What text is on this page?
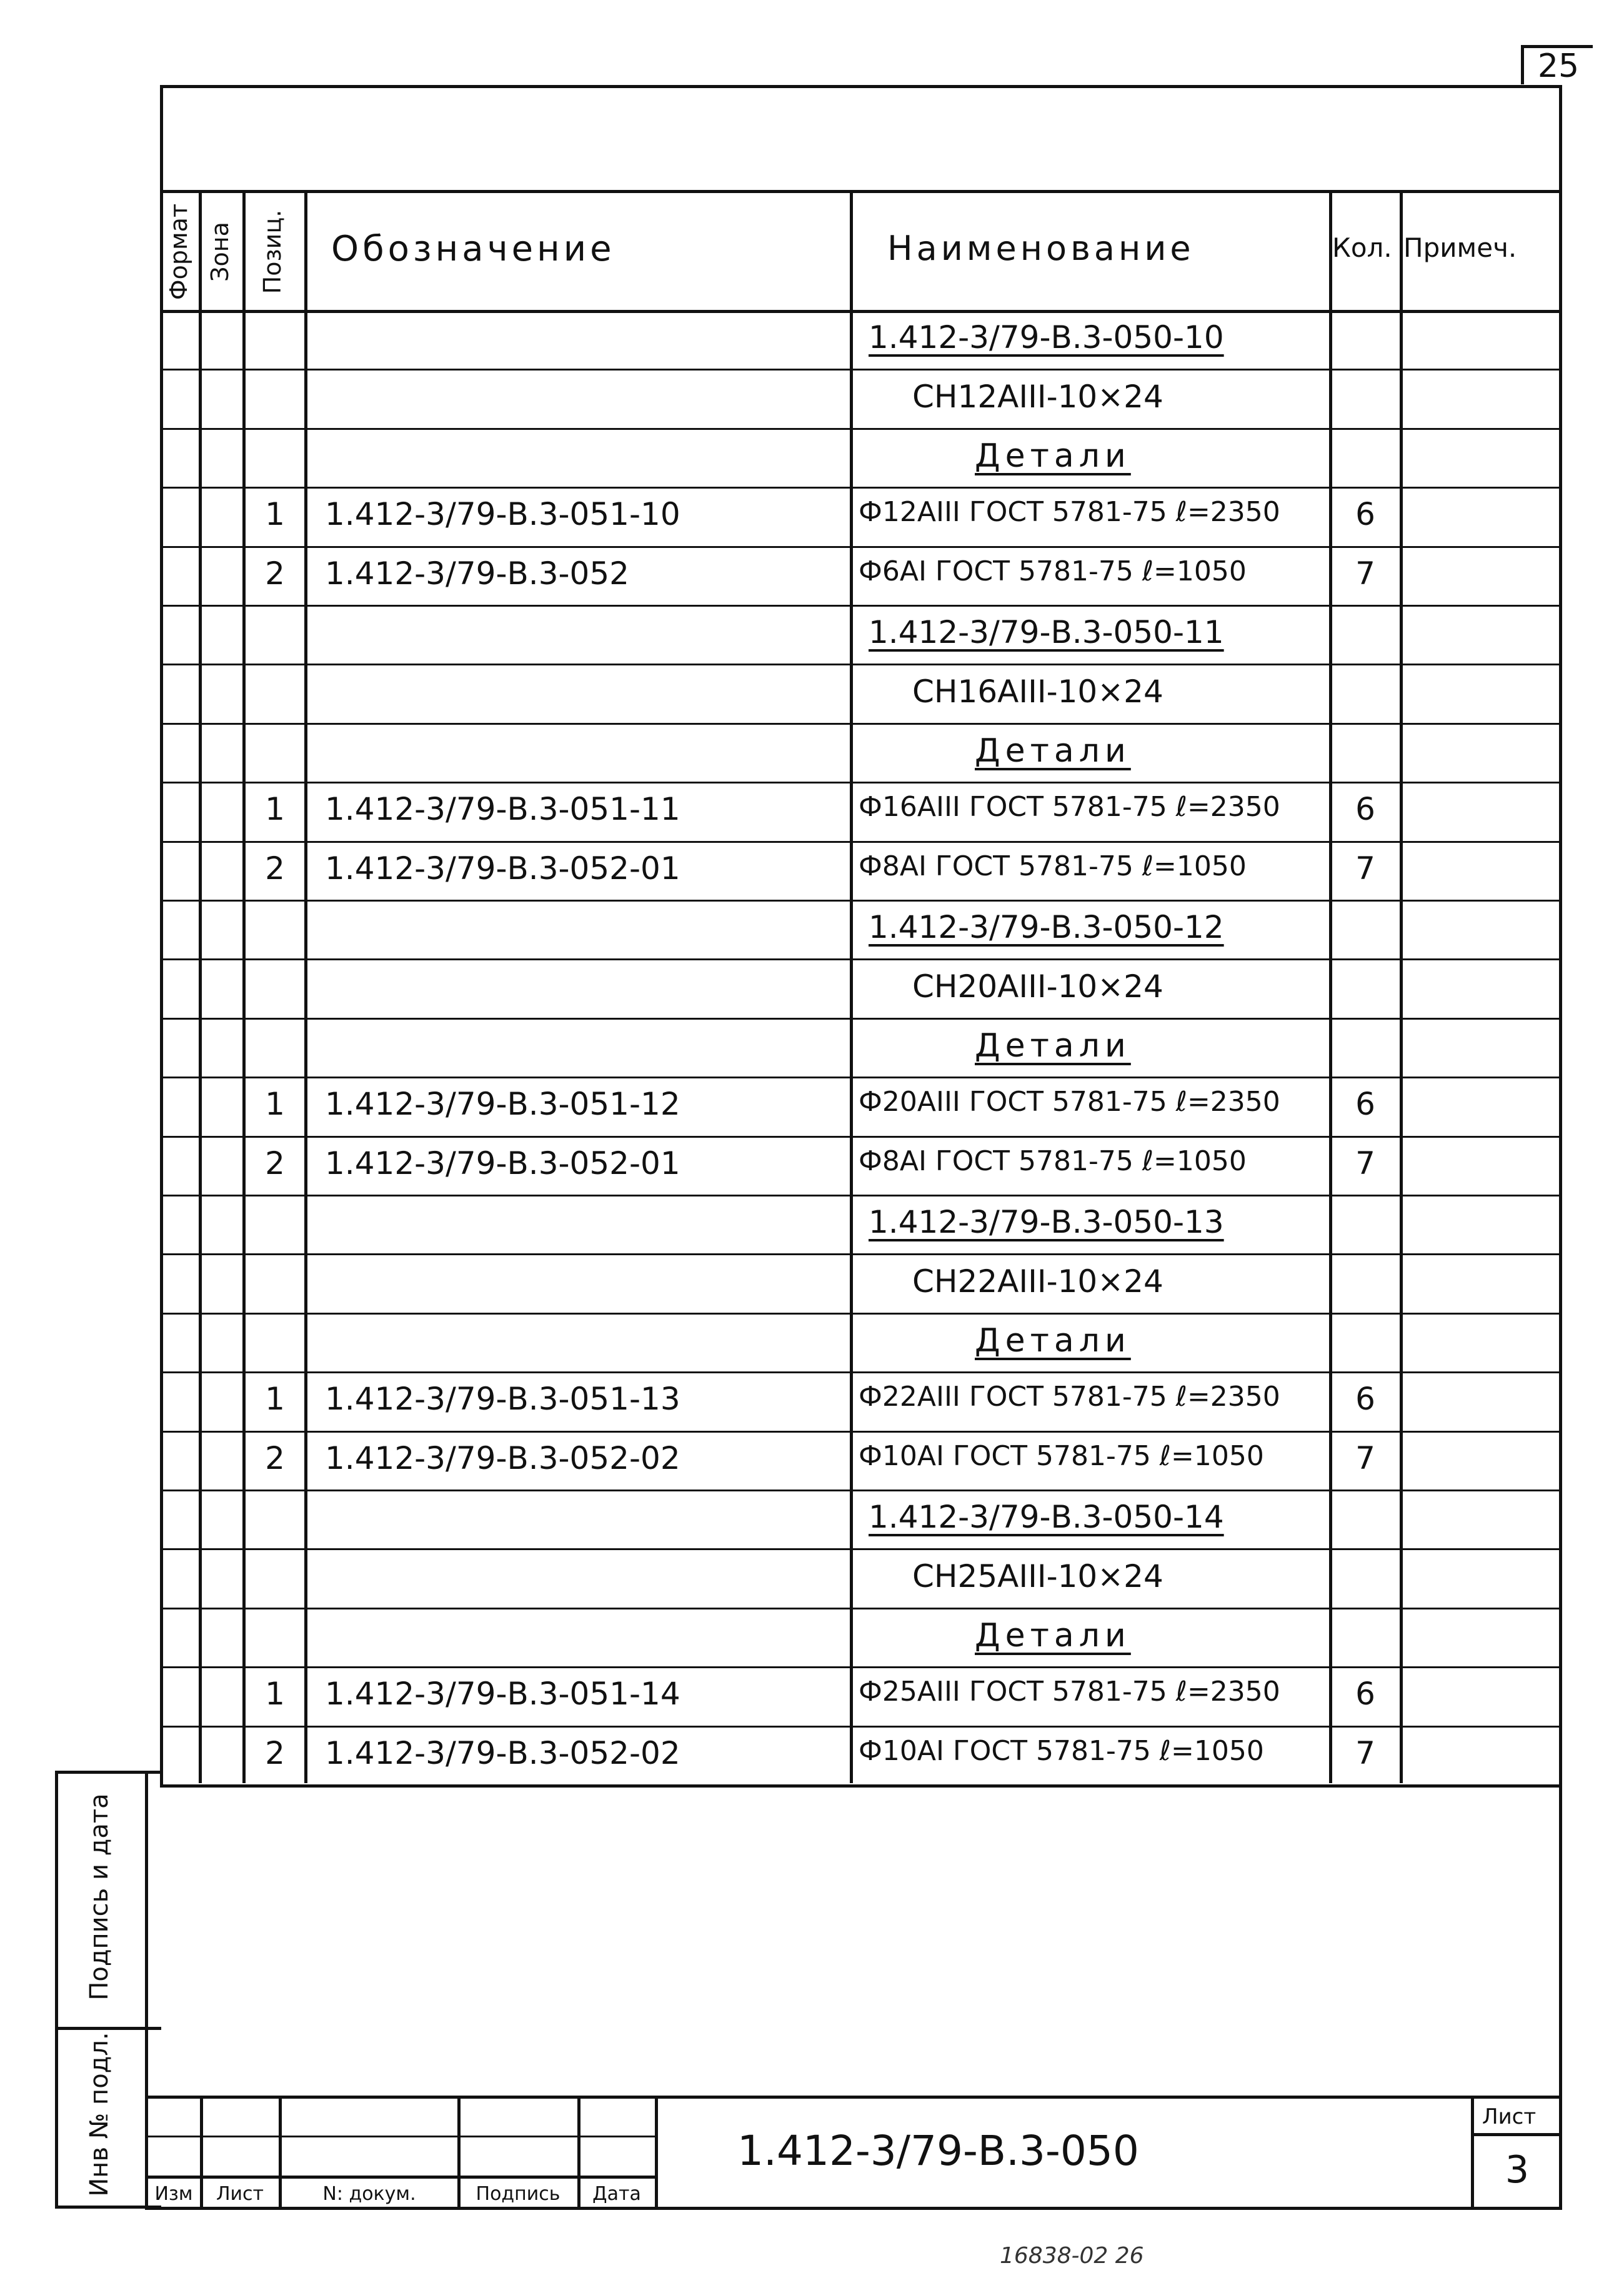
25
Формат Зона Позиц. Обозначение	Наименование	Кол. Примеч.
1.412-3/79-В.3-050-10
СН12АIII-10×24
Детали
1	1.412-3/79-В.3-051-10	Ф12АIII ГОСТ 5781-75 ℓ=2350	6
2	1.412-3/79-В.3-052	Ф6АI ГОСТ 5781-75 ℓ=1050	7
1.412-3/79-В.3-050-11
СН16АIII-10×24
Детали
1	1.412-3/79-В.3-051-11	Ф16АIII ГОСТ 5781-75 ℓ=2350	6
2	1.412-3/79-В.3-052-01	Ф8АI ГОСТ 5781-75 ℓ=1050	7
1.412-3/79-В.3-050-12
СН20АIII-10×24
Детали
1	1.412-3/79-В.3-051-12	Ф20АIII ГОСТ 5781-75 ℓ=2350	6
2	1.412-3/79-В.3-052-01	Ф8АI ГОСТ 5781-75 ℓ=1050	7
1.412-3/79-В.3-050-13
СН22АIII-10×24
Детали
1	1.412-3/79-В.3-051-13	Ф22АIII ГОСТ 5781-75 ℓ=2350	6
2	1.412-3/79-В.3-052-02	Ф10АI ГОСТ 5781-75 ℓ=1050	7
1.412-3/79-В.3-050-14
СН25АIII-10×24
Детали
1	1.412-3/79-В.3-051-14	Ф25АIII ГОСТ 5781-75 ℓ=2350	6
2	1.412-3/79-В.3-052-02	Ф10АI ГОСТ 5781-75 ℓ=1050	7
Подпись и дата
Инв № подл.	Изм	Лист	N: докум.	Подпись	Дата
1.412-3/79-В.3-050
Лист
3
16838-02 26
